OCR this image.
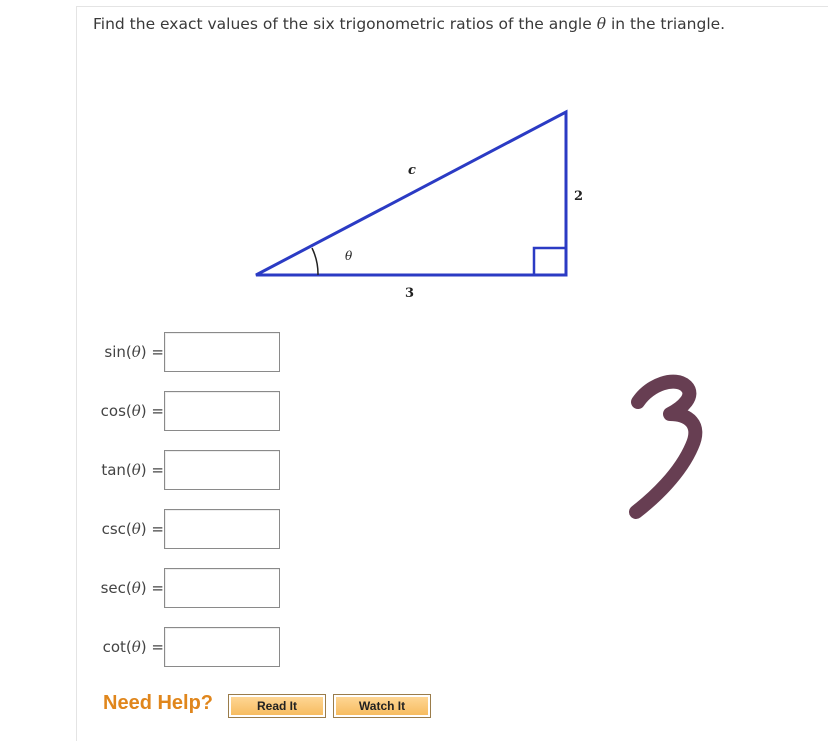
Find the exact values of the six trigonometric ratios of the angle θ in the triangle.
c
2
3
θ
sin(θ) =
cos(θ) =
tan(θ) =
csc(θ) =
sec(θ) =
cot(θ) =
Need Help?	Read It	Watch It
